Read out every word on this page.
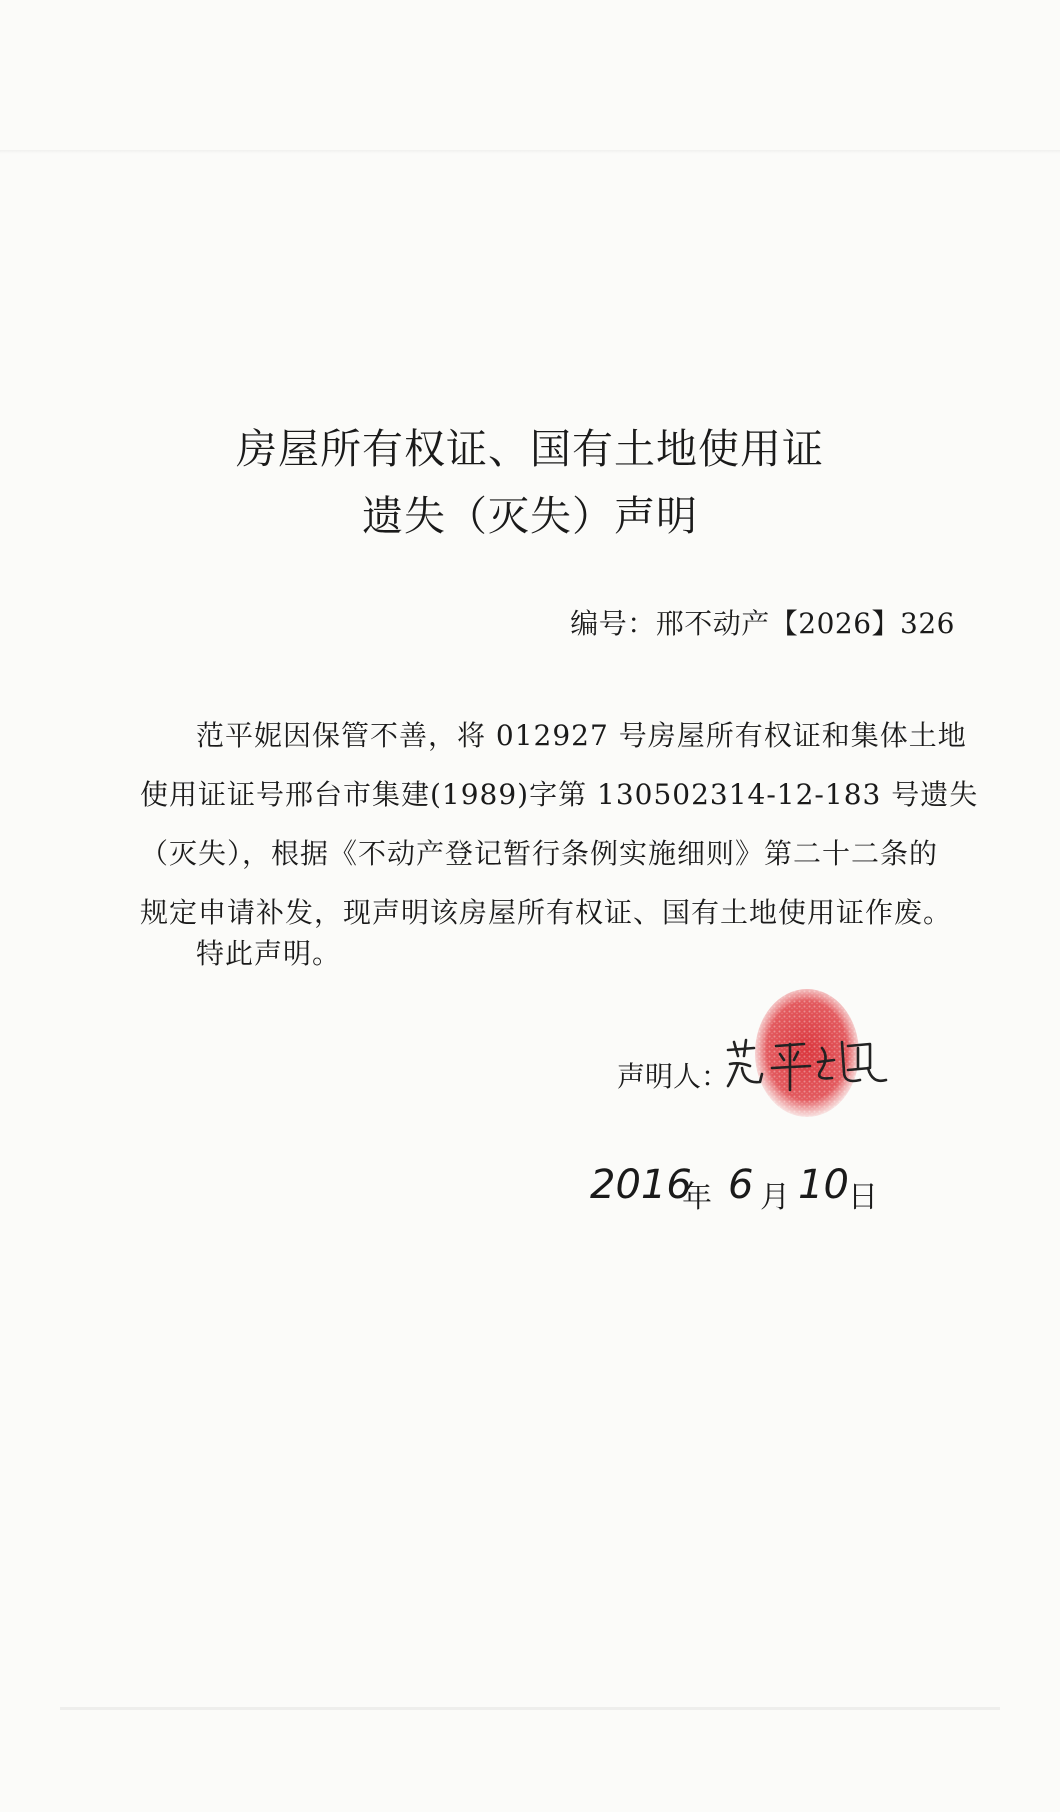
房屋所有权证、国有土地使用证
遗失（灭失）声明
编号：邢不动产【2026】326
范平妮因保管不善，将 012927 号房屋所有权证和集体土地
使用证证号邢台市集建(1989)字第 130502314-12-183 号遗失
（灭失），根据《不动产登记暂行条例实施细则》第二十二条的
规定申请补发，现声明该房屋所有权证、国有土地使用证作废。
特此声明。
声明人：
2016
年 6 月 10 日
